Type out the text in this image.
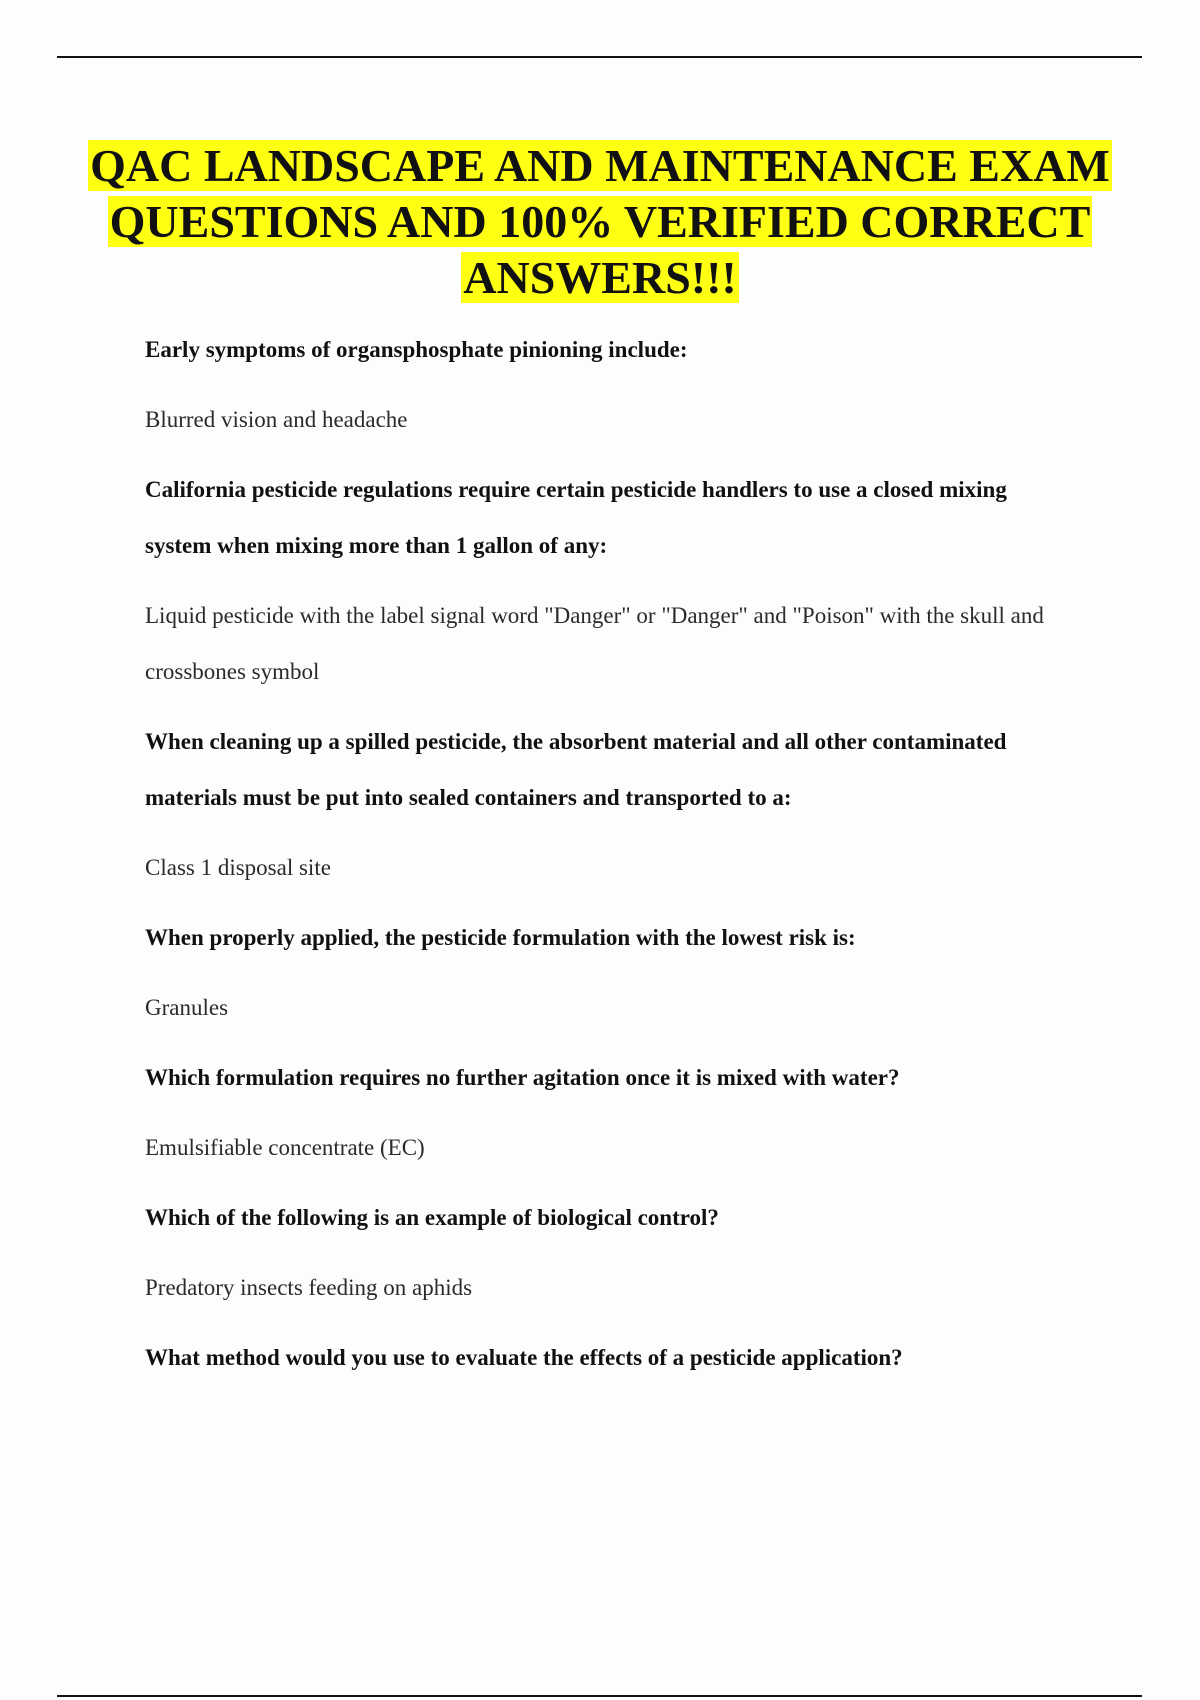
QAC LANDSCAPE AND MAINTENANCE EXAM QUESTIONS AND 100% VERIFIED CORRECT ANSWERS!!!

Early symptoms of organsphosphate pinioning include:

Blurred vision and headache

California pesticide regulations require certain pesticide handlers to use a closed mixing system when mixing more than 1 gallon of any:

Liquid pesticide with the label signal word "Danger" or "Danger" and "Poison" with the skull and crossbones symbol

When cleaning up a spilled pesticide, the absorbent material and all other contaminated materials must be put into sealed containers and transported to a:

Class 1 disposal site

When properly applied, the pesticide formulation with the lowest risk is:

Granules

Which formulation requires no further agitation once it is mixed with water?

Emulsifiable concentrate (EC)

Which of the following is an example of biological control?

Predatory insects feeding on aphids

What method would you use to evaluate the effects of a pesticide application?
